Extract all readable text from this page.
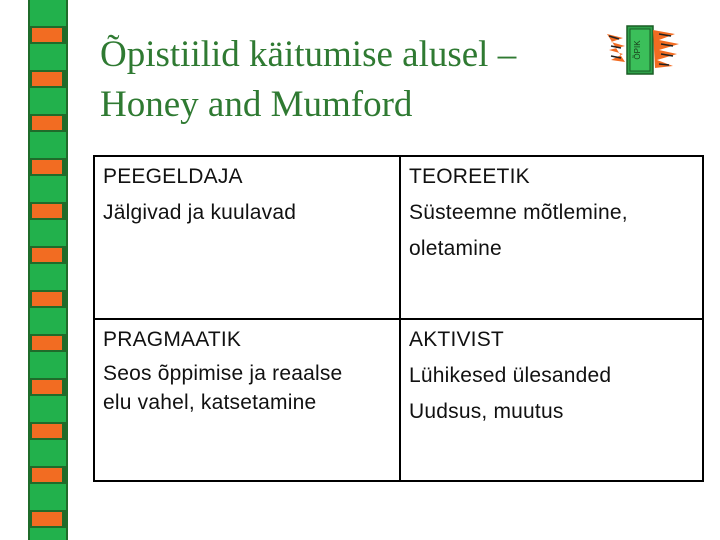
Õpistiilid käitumise alusel –
Honey and Mumford
ÕPIK
PEEGELDAJA
Jälgivad ja kuulavad
TEOREETIK
Süsteemne mõtlemine,
oletamine
PRAGMAATIK
Seos õppimise ja reaalse
elu vahel, katsetamine
AKTIVIST
Lühikesed ülesanded
Uudsus, muutus
